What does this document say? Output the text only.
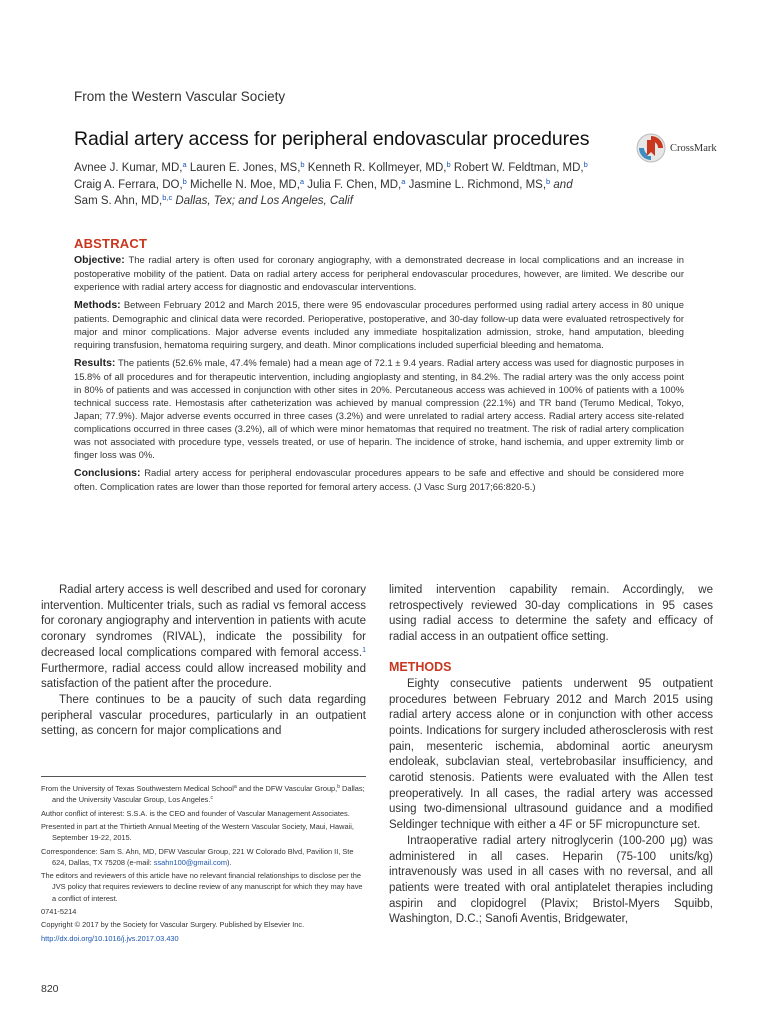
From the Western Vascular Society
Radial artery access for peripheral endovascular procedures	CrossMark
Avnee J. Kumar, MD,$^a$ Lauren E. Jones, MS,$^b$ Kenneth R. Kollmeyer, MD,$^b$ Robert W. Feldtman, MD,$^b$
Craig A. Ferrara, DO,$^b$ Michelle N. Moe, MD,$^a$ Julia F. Chen, MD,$^a$ Jasmine L. Richmond, MS,$^b$ and
Sam S. Ahn, MD,$^{b,c}$ Dallas, Tex; and Los Angeles, Calif
ABSTRACT

Objective: The radial artery is often used for coronary angiography, with a demonstrated decrease in local complications and an increase in postoperative mobility of the patient. Data on radial artery access for peripheral endovascular procedures, however, are limited. We describe our experience with radial artery access for diagnostic and endovascular interventions.

Methods: Between February 2012 and March 2015, there were 95 endovascular procedures performed using radial artery access in 80 unique patients. Demographic and clinical data were recorded. Perioperative, postoperative, and 30-day follow-up data were evaluated retrospectively for major and minor complications. Major adverse events included any immediate hospitalization admission, stroke, hand amputation, bleeding requiring transfusion, hematoma requiring surgery, and death. Minor complications included superficial bleeding and hematoma.

Results: The patients (52.6% male, 47.4% female) had a mean age of 72.1 ± 9.4 years. Radial artery access was used for diagnostic purposes in 15.8% of all procedures and for therapeutic intervention, including angioplasty and stenting, in 84.2%. The radial artery was the only access point in 80% of patients and was accessed in conjunction with other sites in 20%. Percutaneous access was achieved in 100% of patients with a 100% technical success rate. Hemostasis after catheterization was achieved by manual compression (22.1%) and TR band (Terumo Medical, Tokyo, Japan; 77.9%). Major adverse events occurred in three cases (3.2%) and were unrelated to radial artery access. Radial artery access site-related complications occurred in three cases (3.2%), all of which were minor hematomas that required no treatment. The risk of radial artery complication was not associated with procedure type, vessels treated, or use of heparin. The incidence of stroke, hand ischemia, and upper extremity limb or finger loss was 0%.

Conclusions: Radial artery access for peripheral endovascular procedures appears to be safe and effective and should be considered more often. Complication rates are lower than those reported for femoral artery access. (J Vasc Surg 2017;66:820-5.)

Radial artery access is well described and used for coronary intervention. Multicenter trials, such as radial vs femoral access for coronary angiography and intervention in patients with acute coronary syndromes (RIVAL), indicate the possibility for decreased local complications compared with femoral access.$^1$ Furthermore, radial access could allow increased mobility and satisfaction of the patient after the procedure.

There continues to be a paucity of such data regarding peripheral vascular procedures, particularly in an outpatient setting, as concern for major complications and

limited intervention capability remain. Accordingly, we retrospectively reviewed 30-day complications in 95 cases using radial access to determine the safety and efficacy of radial access in an outpatient office setting.

METHODS

Eighty consecutive patients underwent 95 outpatient procedures between February 2012 and March 2015 using radial artery access alone or in conjunction with other access points. Indications for surgery included atherosclerosis with rest pain, mesenteric ischemia, abdominal aortic aneurysm endoleak, subclavian steal, vertebrobasilar insufficiency, and carotid stenosis. Patients were evaluated with the Allen test preoperatively. In all cases, the radial artery was accessed using two-dimensional ultrasound guidance and a modified Seldinger technique with either a 4F or 5F micropuncture set.

Intraoperative radial artery nitroglycerin (100-200 μg) was administered in all cases. Heparin (75-100 units/kg) intravenously was used in all cases with no reversal, and all patients were treated with oral antiplatelet therapies including aspirin and clopidogrel (Plavix; Bristol-Myers Squibb, Washington, D.C.; Sanofi Aventis, Bridgewater,

From the University of Texas Southwestern Medical School$^a$ and the DFW Vascular Group,$^b$ Dallas; and the University Vascular Group, Los Angeles.$^c$

Author conflict of interest: S.S.A. is the CEO and founder of Vascular Management Associates.

Presented in part at the Thirtieth Annual Meeting of the Western Vascular Society, Maui, Hawaii, September 19-22, 2015.

Correspondence: Sam S. Ahn, MD, DFW Vascular Group, 221 W Colorado Blvd, Pavilion II, Ste 624, Dallas, TX 75208 (e-mail: ssahn100@gmail.com).

The editors and reviewers of this article have no relevant financial relationships to disclose per the JVS policy that requires reviewers to decline review of any manuscript for which they may have a conflict of interest.

0741-5214

Copyright © 2017 by the Society for Vascular Surgery. Published by Elsevier Inc.

http://dx.doi.org/10.1016/j.jvs.2017.03.430

820
